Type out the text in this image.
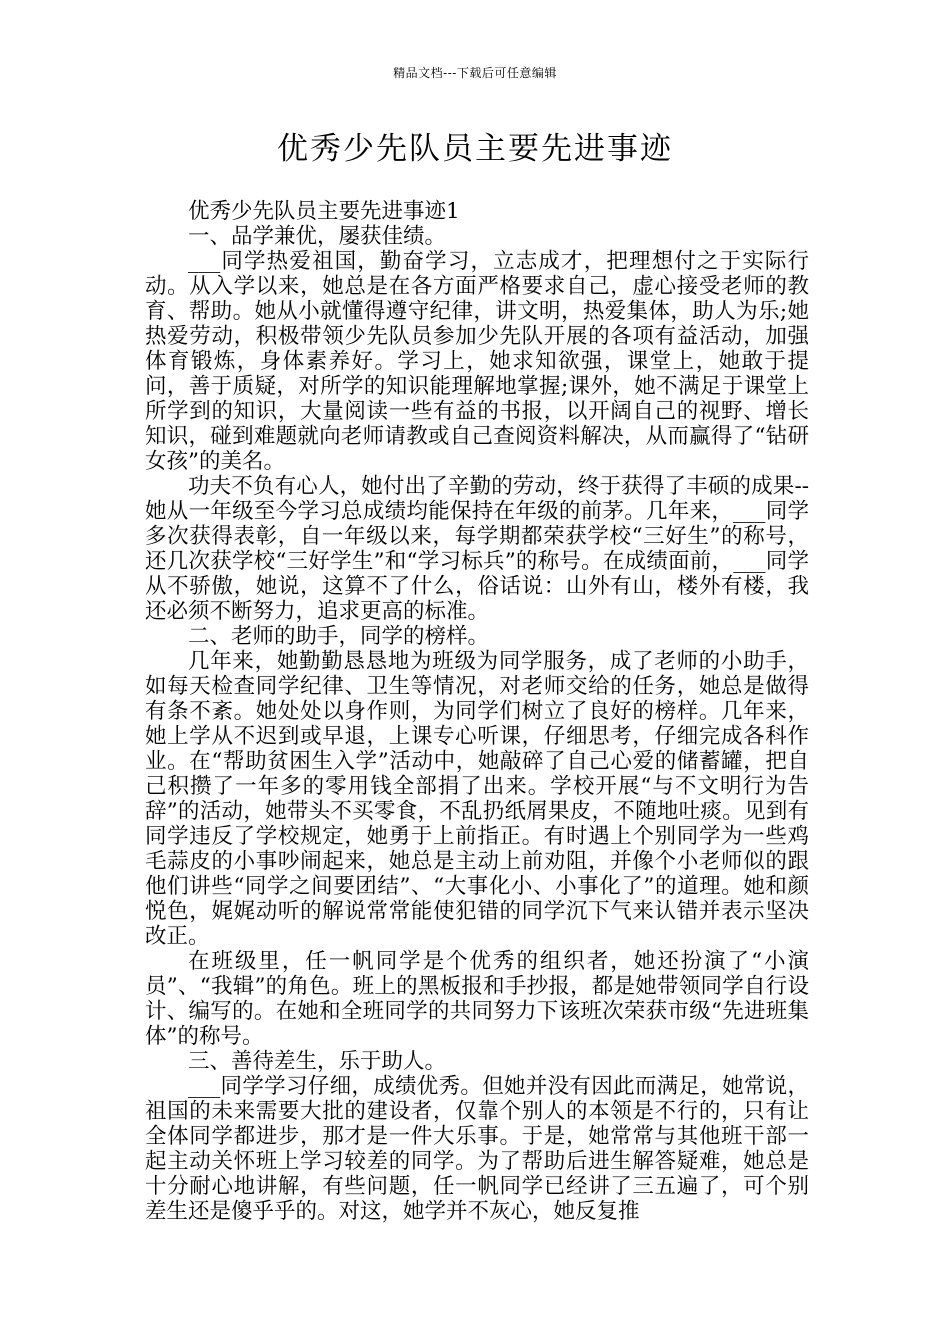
精品文档---下载后可任意编辑
优秀少先队员主要先进事迹

优秀少先队员主要先进事迹1

一、品学兼优，屡获佳绩。

___同学热爱祖国，勤奋学习，立志成才，把理想付之于实际行动。从入学以来，她总是在各方面严格要求自己，虚心接受老师的教育、帮助。她从小就懂得遵守纪律，讲文明，热爱集体，助人为乐;她热爱劳动，积极带领少先队员参加少先队开展的各项有益活动，加强体育锻炼，身体素养好。学习上，她求知欲强，课堂上，她敢于提问，善于质疑，对所学的知识能理解地掌握;课外，她不满足于课堂上所学到的知识，大量阅读一些有益的书报，以开阔自己的视野、增长知识，碰到难题就向老师请教或自己查阅资料解决，从而赢得了“钻研女孩”的美名。

功夫不负有心人，她付出了辛勤的劳动，终于获得了丰硕的成果--她从一年级至今学习总成绩均能保持在年级的前茅。几年来，___同学多次获得表彰，自一年级以来，每学期都荣获学校“三好生”的称号，还几次获学校“三好学生”和“学习标兵”的称号。在成绩面前，___同学从不骄傲，她说，这算不了什么，俗话说：山外有山，楼外有楼，我还必须不断努力，追求更高的标准。

二、老师的助手，同学的榜样。

几年来，她勤勤恳恳地为班级为同学服务，成了老师的小助手，如每天检查同学纪律、卫生等情况，对老师交给的任务，她总是做得有条不紊。她处处以身作则，为同学们树立了良好的榜样。几年来，她上学从不迟到或早退，上课专心听课，仔细思考，仔细完成各科作业。在“帮助贫困生入学”活动中，她敲碎了自己心爱的储蓄罐，把自己积攒了一年多的零用钱全部捐了出来。学校开展“与不文明行为告辞”的活动，她带头不买零食，不乱扔纸屑果皮，不随地吐痰。见到有同学违反了学校规定，她勇于上前指正。有时遇上个别同学为一些鸡毛蒜皮的小事吵闹起来，她总是主动上前劝阻，并像个小老师似的跟他们讲些“同学之间要团结”、“大事化小、小事化了”的道理。她和颜悦色，娓娓动听的解说常常能使犯错的同学沉下气来认错并表示坚决改正。

在班级里，任一帆同学是个优秀的组织者，她还扮演了“小演员”、“我辑”的角色。班上的黑板报和手抄报，都是她带领同学自行设计、编写的。在她和全班同学的共同努力下该班次荣获市级“先进班集体”的称号。

三、善待差生，乐于助人。

___同学学习仔细，成绩优秀。但她并没有因此而满足，她常说，祖国的未来需要大批的建设者，仅靠个别人的本领是不行的，只有让全体同学都进步，那才是一件大乐事。于是，她常常与其他班干部一起主动关怀班上学习较差的同学。为了帮助后进生解答疑难，她总是十分耐心地讲解，有些问题，任一帆同学已经讲了三五遍了，可个别差生还是傻乎乎的。对这，她学并不灰心，她反复推
